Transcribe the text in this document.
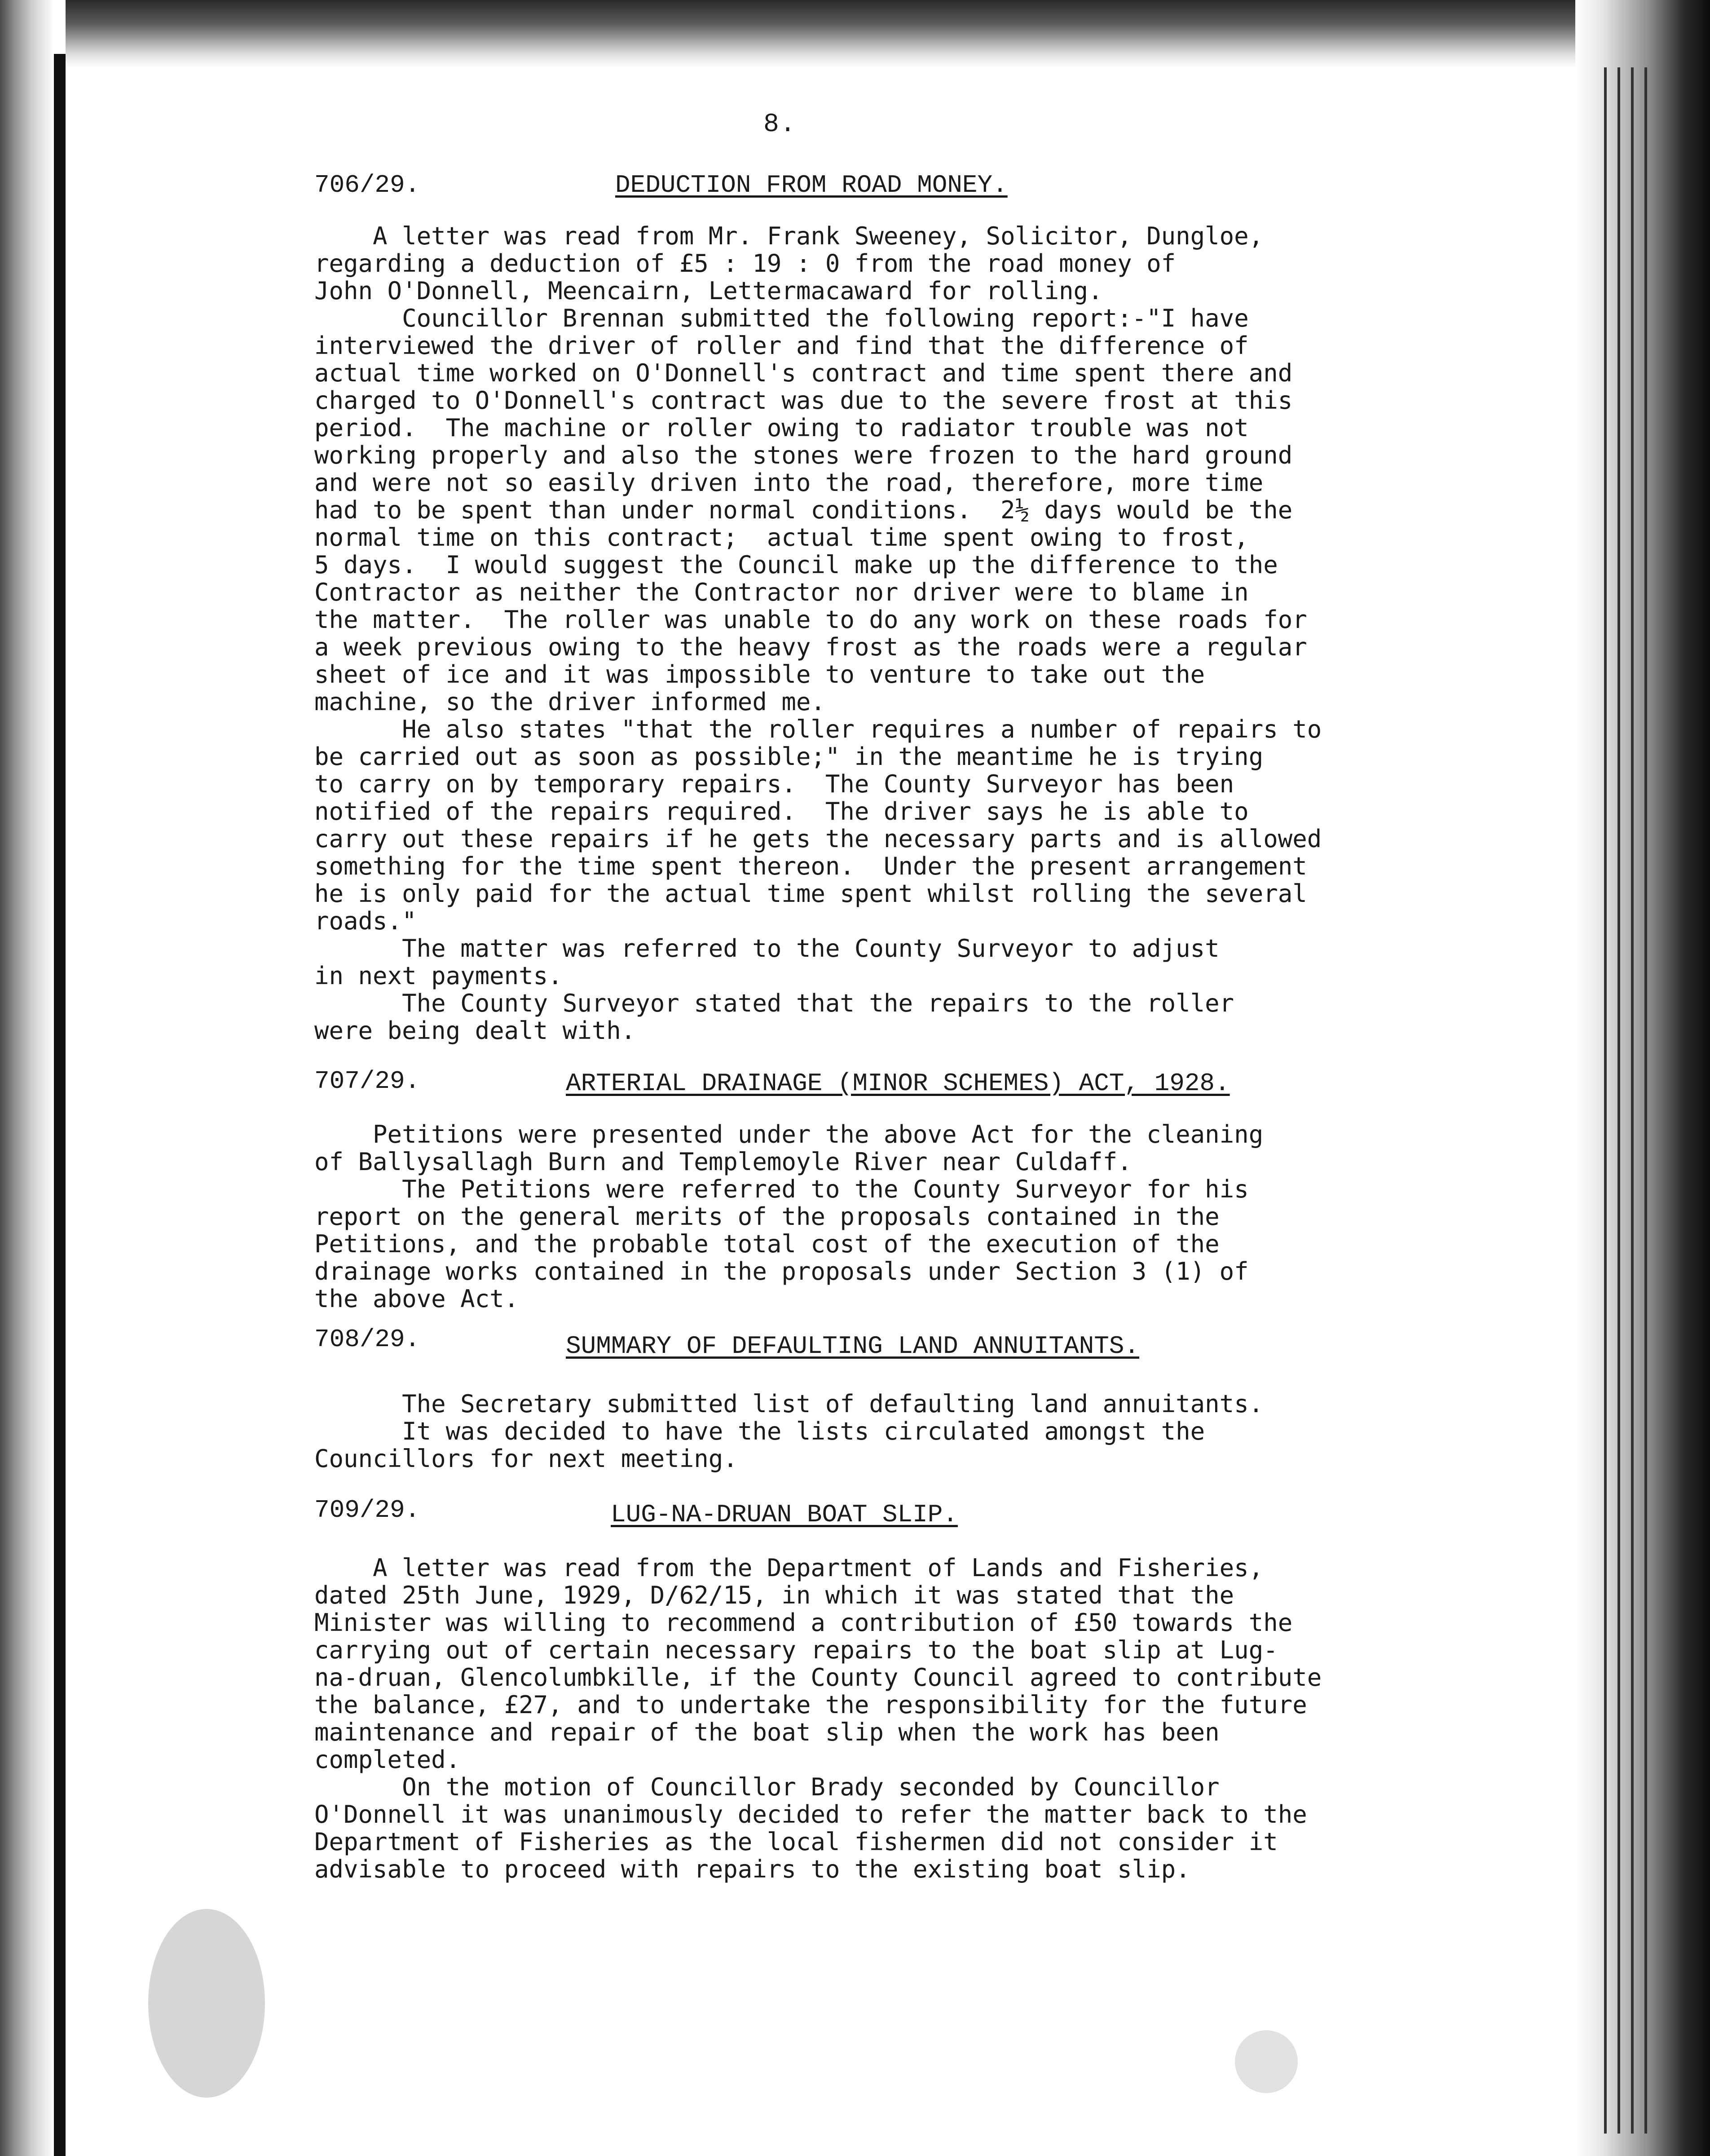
8.
706/29.	DEDUCTION FROM ROAD MONEY.
A letter was read from Mr. Frank Sweeney, Solicitor, Dungloe,
regarding a deduction of £5 : 19 : 0 from the road money of
John O'Donnell, Meencairn, Lettermacaward for rolling.
Councillor Brennan submitted the following report:-"I have
interviewed the driver of roller and find that the difference of
actual time worked on O'Donnell's contract and time spent there and
charged to O'Donnell's contract was due to the severe frost at this
period.  The machine or roller owing to radiator trouble was not
working properly and also the stones were frozen to the hard ground
and were not so easily driven into the road, therefore, more time
had to be spent than under normal conditions.  2½ days would be the
normal time on this contract;  actual time spent owing to frost,
5 days.  I would suggest the Council make up the difference to the
Contractor as neither the Contractor nor driver were to blame in
the matter.  The roller was unable to do any work on these roads for
a week previous owing to the heavy frost as the roads were a regular
sheet of ice and it was impossible to venture to take out the
machine, so the driver informed me.
He also states "that the roller requires a number of repairs to
be carried out as soon as possible;" in the meantime he is trying
to carry on by temporary repairs.  The County Surveyor has been
notified of the repairs required.  The driver says he is able to
carry out these repairs if he gets the necessary parts and is allowed
something for the time spent thereon.  Under the present arrangement
he is only paid for the actual time spent whilst rolling the several
roads."
The matter was referred to the County Surveyor to adjust
in next payments.
The County Surveyor stated that the repairs to the roller
were being dealt with.
707/29.	ARTERIAL DRAINAGE (MINOR SCHEMES) ACT, 1928.
Petitions were presented under the above Act for the cleaning
of Ballysallagh Burn and Templemoyle River near Culdaff.
The Petitions were referred to the County Surveyor for his
report on the general merits of the proposals contained in the
Petitions, and the probable total cost of the execution of the
drainage works contained in the proposals under Section 3 (1) of
the above Act.
708/29.	SUMMARY OF DEFAULTING LAND ANNUITANTS.
The Secretary submitted list of defaulting land annuitants.
It was decided to have the lists circulated amongst the
Councillors for next meeting.
709/29.	LUG-NA-DRUAN BOAT SLIP.
A letter was read from the Department of Lands and Fisheries,
dated 25th June, 1929, D/62/15, in which it was stated that the
Minister was willing to recommend a contribution of £50 towards the
carrying out of certain necessary repairs to the boat slip at Lug-
na-druan, Glencolumbkille, if the County Council agreed to contribute
the balance, £27, and to undertake the responsibility for the future
maintenance and repair of the boat slip when the work has been
completed.
On the motion of Councillor Brady seconded by Councillor
O'Donnell it was unanimously decided to refer the matter back to the
Department of Fisheries as the local fishermen did not consider it
advisable to proceed with repairs to the existing boat slip.
